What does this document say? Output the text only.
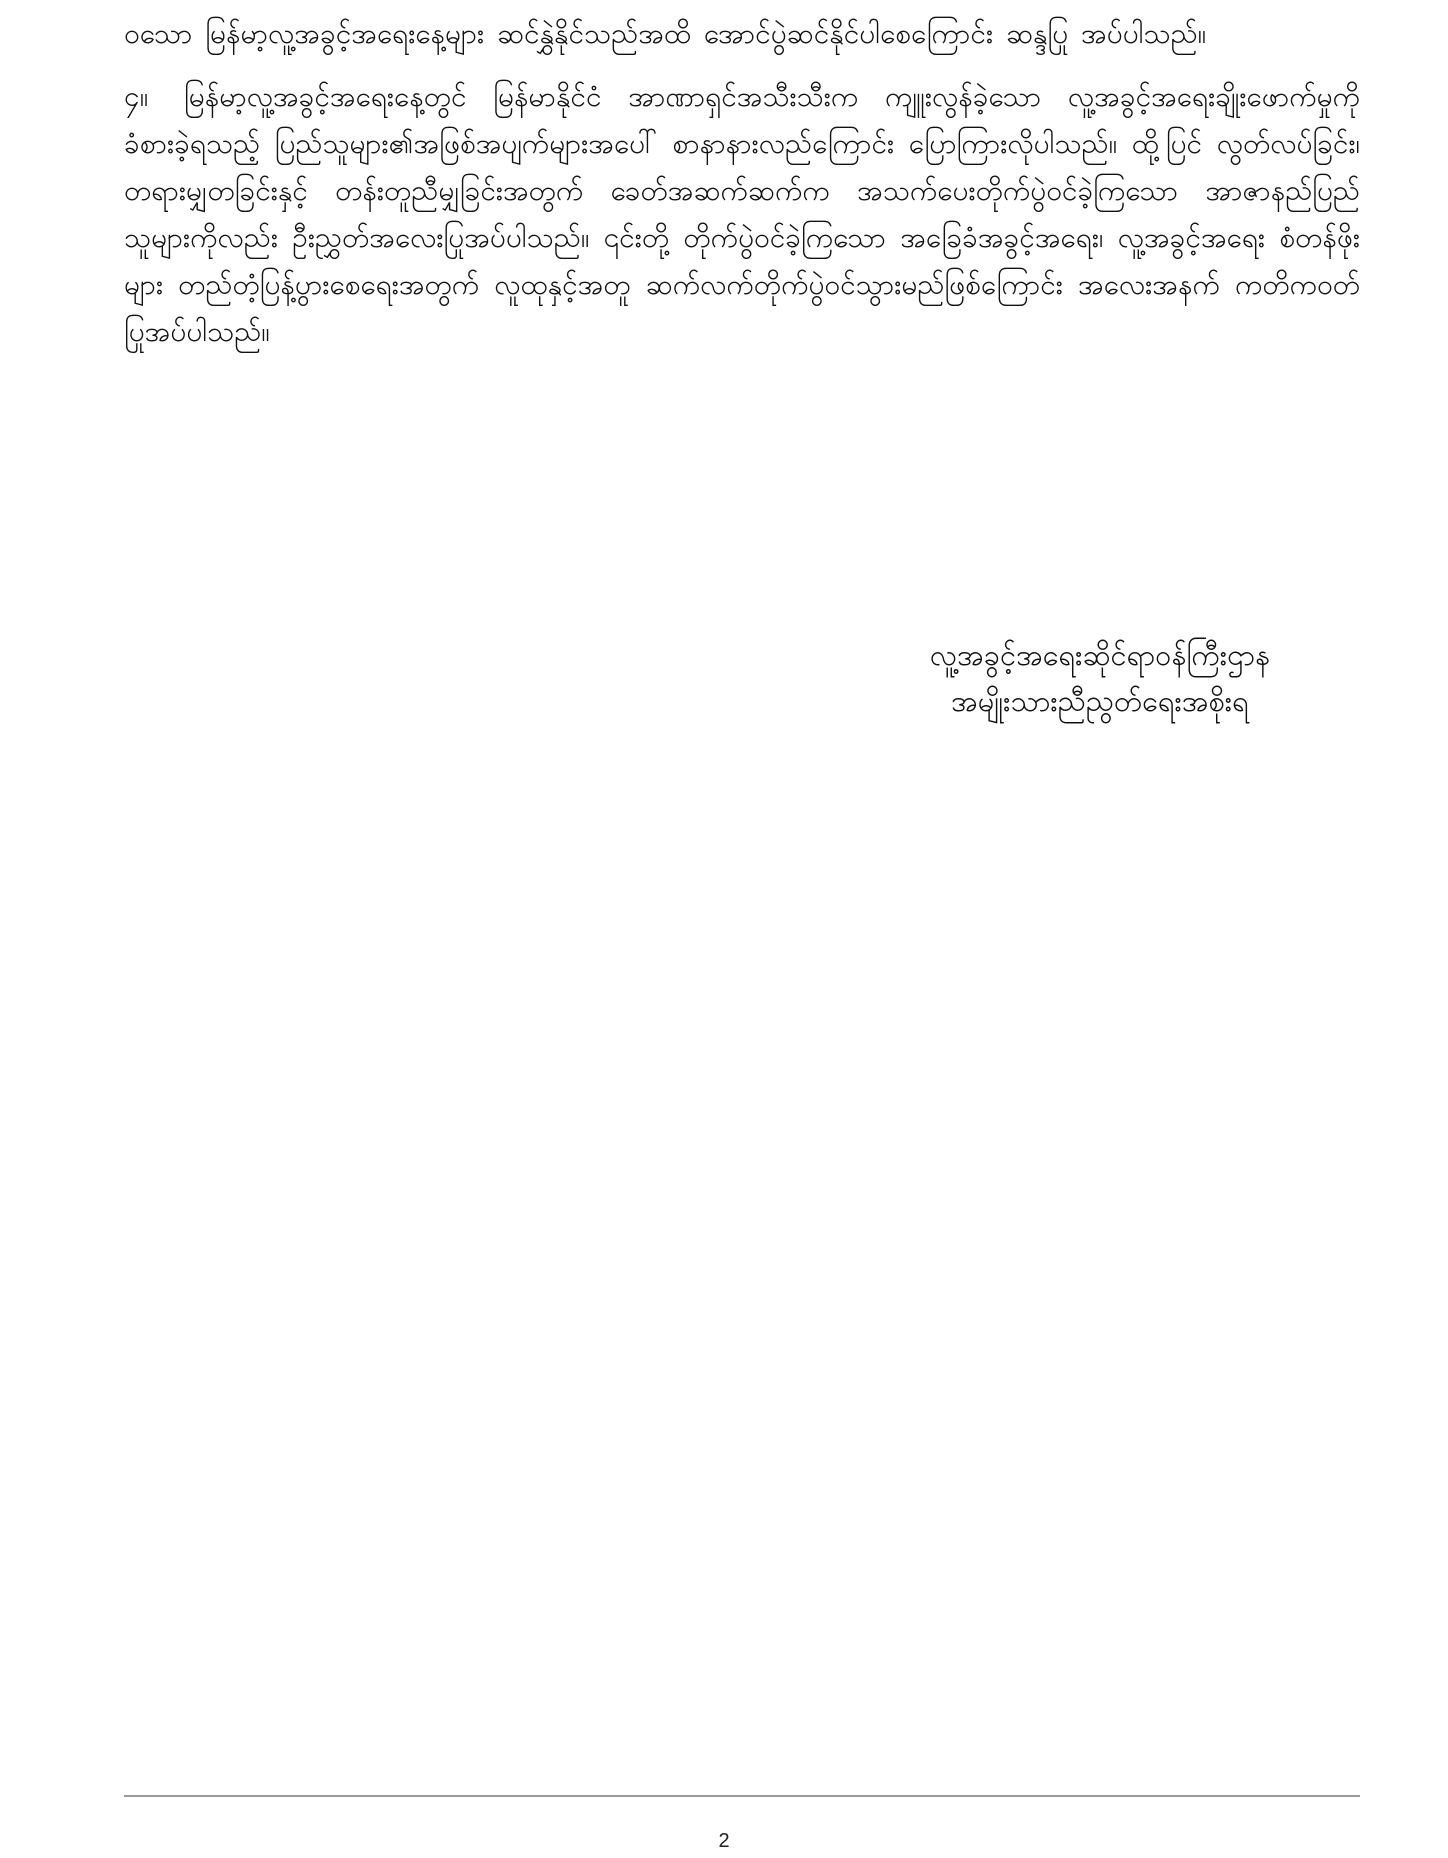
ဝသော မြန်မာ့လူ့အခွင့်အရေးနေ့များ ဆင်နွှဲနိုင်သည်အထိ အောင်ပွဲဆင်နိုင်ပါစေကြောင်း ဆန္ဒပြု အပ်ပါသည်။

၄။ မြန်မာ့လူ့အခွင့်အရေးနေ့တွင် မြန်မာနိုင်ငံ အာဏာရှင်အသီးသီးက ကျူးလွန်ခဲ့သော လူ့အခွင့်အရေးချိုးဖောက်မှုကို ခံစားခဲ့ရသည့် ပြည်သူများ၏အဖြစ်အပျက်များအပေါ် စာနာနားလည်ကြောင်း ပြောကြားလိုပါသည်။ ထို့ပြင် လွတ်လပ်ခြင်း၊ တရားမျှတခြင်းနှင့် တန်းတူညီမျှခြင်းအတွက် ခေတ်အဆက်ဆက်က အသက်ပေးတိုက်ပွဲဝင်ခဲ့ကြသော အာဇာနည်ပြည်သူများကိုလည်း ဦးညွှတ်အလေးပြုအပ်ပါသည်။ ၎င်းတို့ တိုက်ပွဲဝင်ခဲ့ကြသော အခြေခံအခွင့်အရေး၊ လူ့အခွင့်အရေး စံတန်ဖိုးများ တည်တံ့ပြန့်ပွားစေရေးအတွက် လူထုနှင့်အတူ ဆက်လက်တိုက်ပွဲဝင်သွားမည်ဖြစ်ကြောင်း အလေးအနက် ကတိကဝတ်ပြုအပ်ပါသည်။

လူ့အခွင့်အရေးဆိုင်ရာဝန်ကြီးဌာန
အမျိုးသားညီညွတ်ရေးအစိုးရ
2
